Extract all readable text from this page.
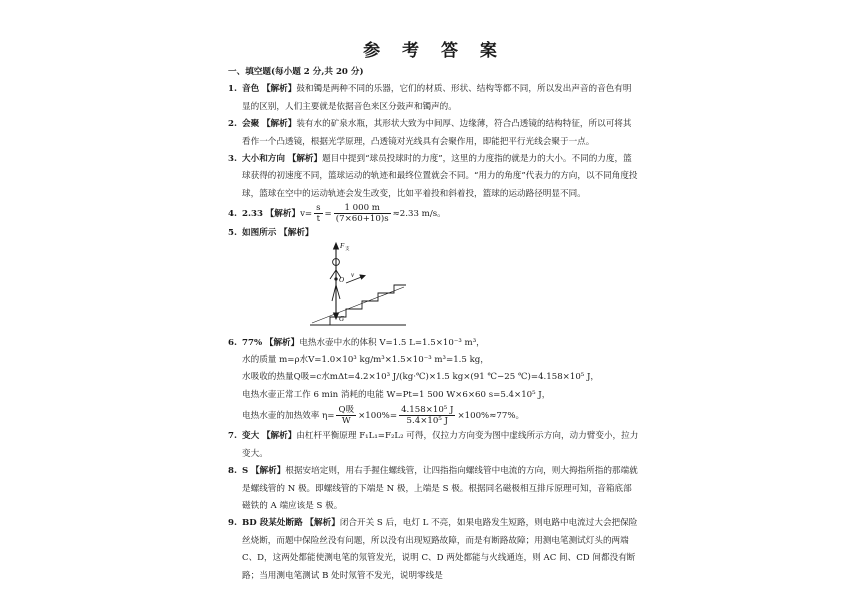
参 考 答 案
一、填空题(每小题 2 分,共 20 分)
1. 音色 【解析】鼓和镯是两种不同的乐器，它们的材质、形状、结构等都不同，所以发出声音的音色有明显的区别，人们主要就是依据音色来区分鼓声和镯声的。
2. 会聚 【解析】装有水的矿泉水瓶，其形状大致为中间厚、边缘薄，符合凸透镜的结构特征，所以可将其看作一个凸透镜，根据光学原理，凸透镜对光线具有会聚作用，即能把平行光线会聚于一点。
3. 大小和方向 【解析】题目中提到“球员投球时的力度”，这里的力度指的就是力的大小。不同的力度，篮球获得的初速度不同，篮球运动的轨迹和最终位置就会不同。“用力的角度”代表力的方向，以不同角度投球，篮球在空中的运动轨迹会发生改变，比如平着投和斜着投，篮球的运动路径明显不同。
4. 2.33 【解析】$v= \frac{s}{t} = \frac{1 000 m}{(7\times 60+10)s} \approx 2.33$ m/s。
5. 如图所示 【解析】
F 支
O
v
G
6. 77% 【解析】电热水壶中水的体积 V=1.5 L=1.5×10⁻³ m³，
水的质量 m=ρ水V=1.0×10³ kg/m³×1.5×10⁻³ m³=1.5 kg，
水吸收的热量Q吸=c水mΔt=4.2×10³ J/(kg·℃)×1.5 kg×(91 ℃−25 ℃)=4.158×10⁵ J，
电热水壶正常工作 6 min 消耗的电能 W=Pt=1 500 W×6×60 s=5.4×10⁵ J，
电热水壶的加热效率 $\eta= \frac{\text{Q吸}}{W} \times 100\%= \frac{\text{4.158×10⁵ J}}{\text{5.4×10⁵ J}} \times 100\%\approx 77\%$。
7. 变大 【解析】由杠杆平衡原理 F₁L₁=F₂L₂ 可得，仅拉力方向变为图中虚线所示方向，动力臂变小，拉力变大。
8. S 【解析】根据安培定则，用右手握住螺线管，让四指指向螺线管中电流的方向，则大拇指所指的那端就是螺线管的 N 极。即螺线管的下端是 N 极，上端是 S 极。根据同名磁极相互排斥原理可知，音箱底部磁铁的 A 端应该是 S 极。
9. BD 段某处断路 【解析】闭合开关 S 后，电灯 L 不亮，如果电路发生短路，则电路中电流过大会把保险丝烧断，而题中保险丝没有问题，所以没有出现短路故障，而是有断路故障；用测电笔测试灯头的两端 C、D，这两处都能使测电笔的氖管发光，说明 C、D 两处都能与火线通连，则 AC 间、CD 间都没有断路；当用测电笔测试 B 处时氖管不发光，说明零线是
